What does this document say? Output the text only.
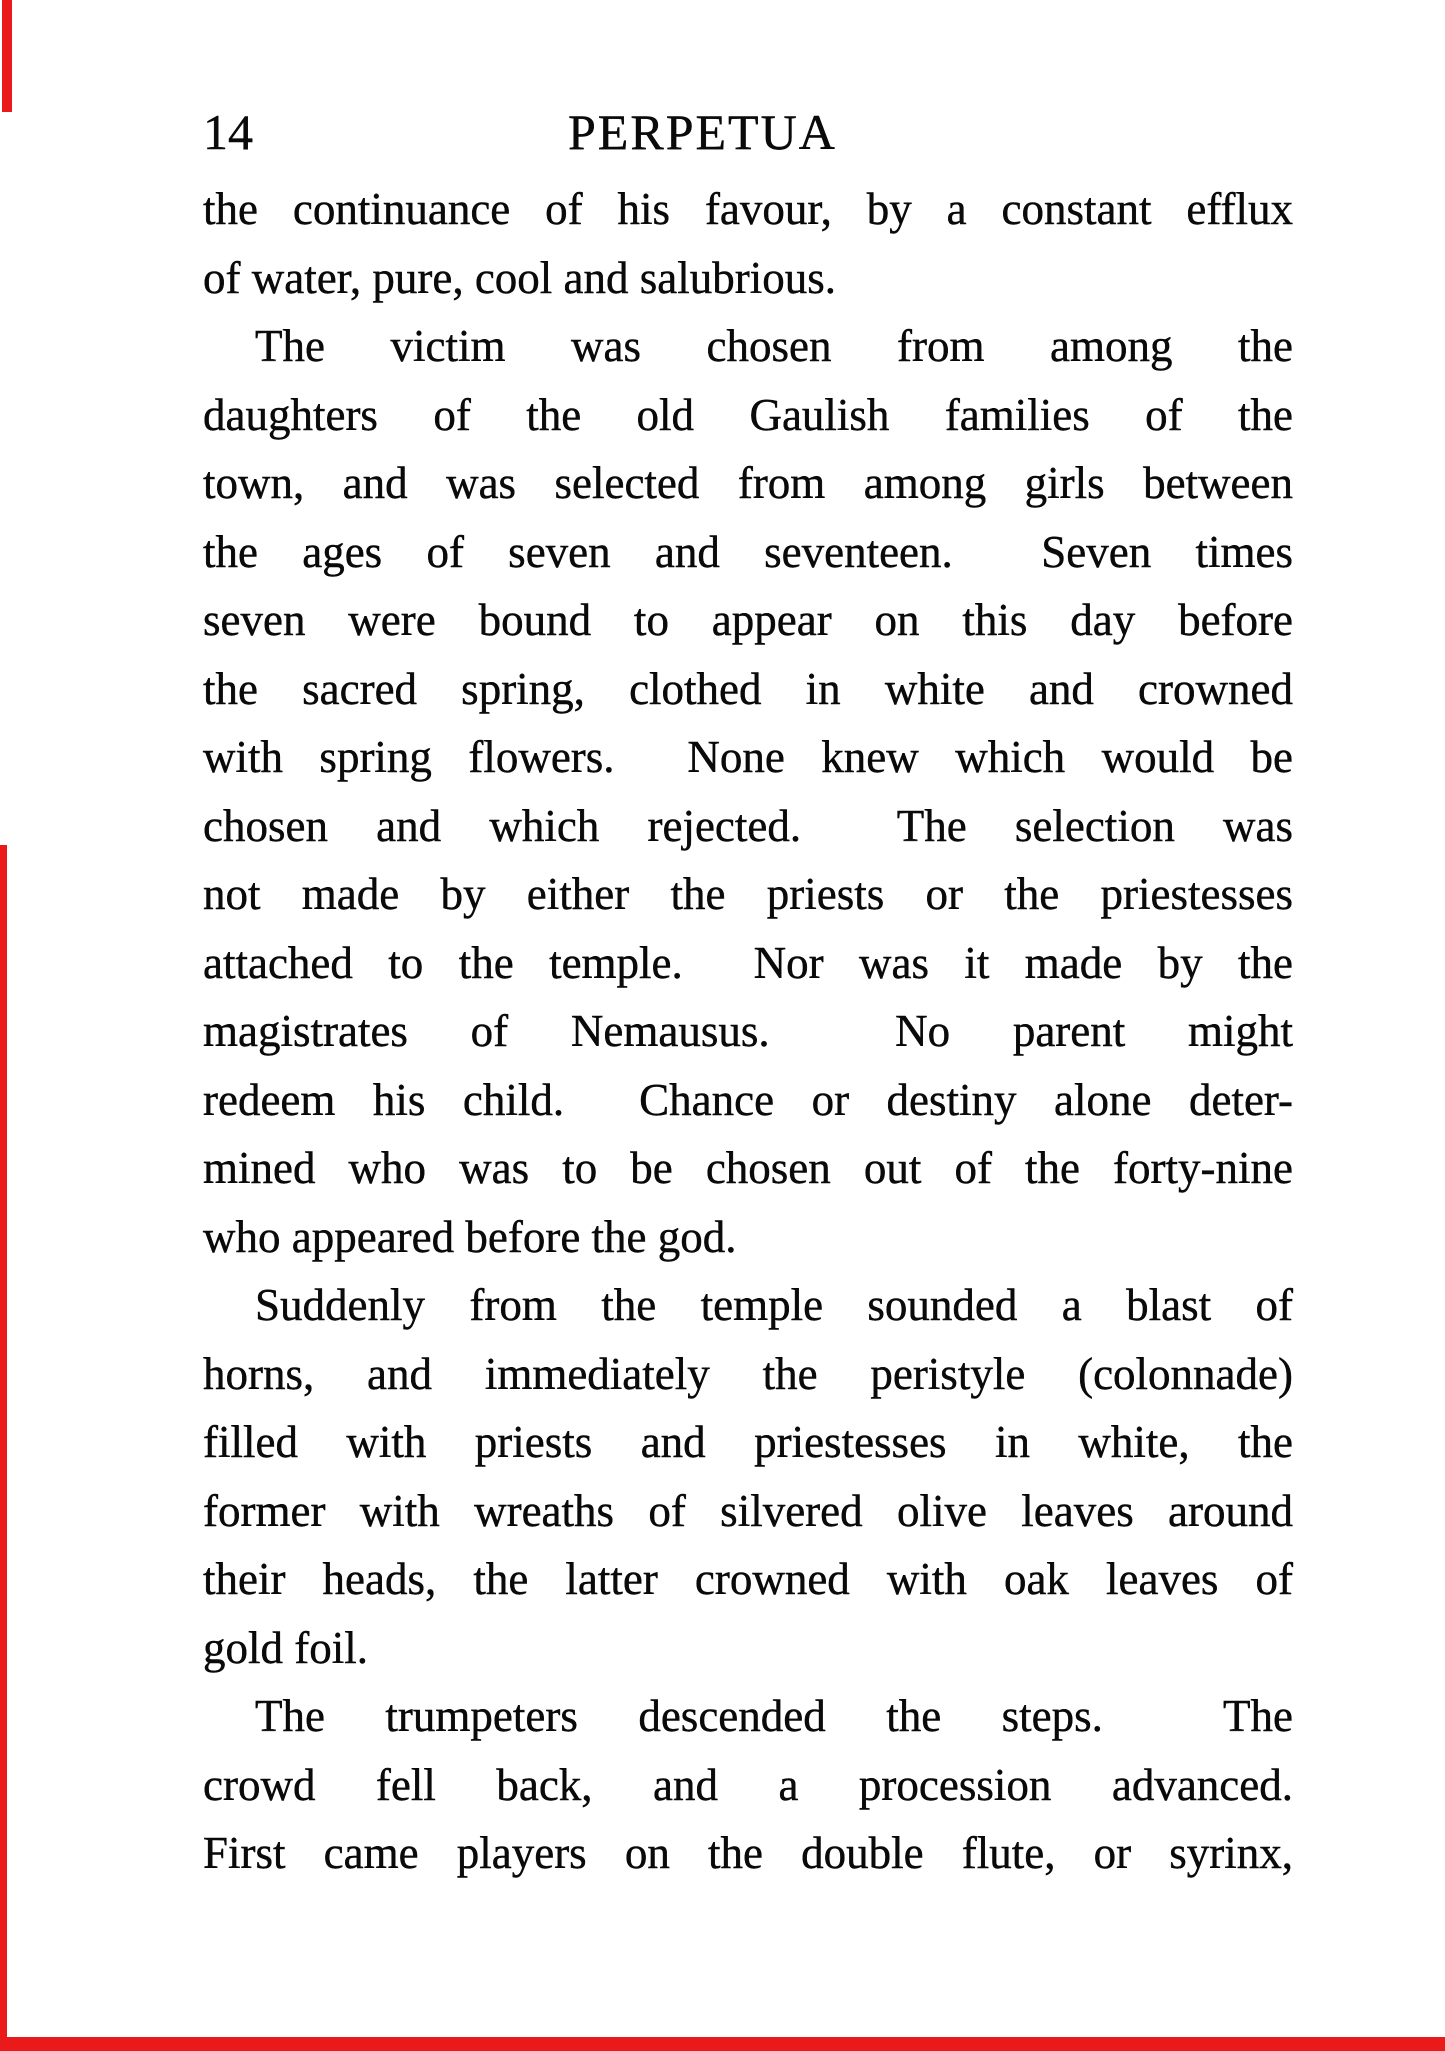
14	PERPETUA
the continuance of his favour, by a constant efflux
of water, pure, cool and salubrious.
The victim was chosen from among the
daughters of the old Gaulish families of the
town, and was selected from among girls between
the ages of seven and seventeen.  Seven times
seven were bound to appear on this day before
the sacred spring, clothed in white and crowned
with spring flowers.  None knew which would be
chosen and which rejected.  The selection was
not made by either the priests or the priestesses
attached to the temple.  Nor was it made by the
magistrates of Nemausus.  No parent might
redeem his child.  Chance or destiny alone deter-
mined who was to be chosen out of the forty-nine
who appeared before the god.
Suddenly from the temple sounded a blast of
horns, and immediately the peristyle (colonnade)
filled with priests and priestesses in white, the
former with wreaths of silvered olive leaves around
their heads, the latter crowned with oak leaves of
gold foil.
The trumpeters descended the steps.  The
crowd fell back, and a procession advanced.
First came players on the double flute, or syrinx,
